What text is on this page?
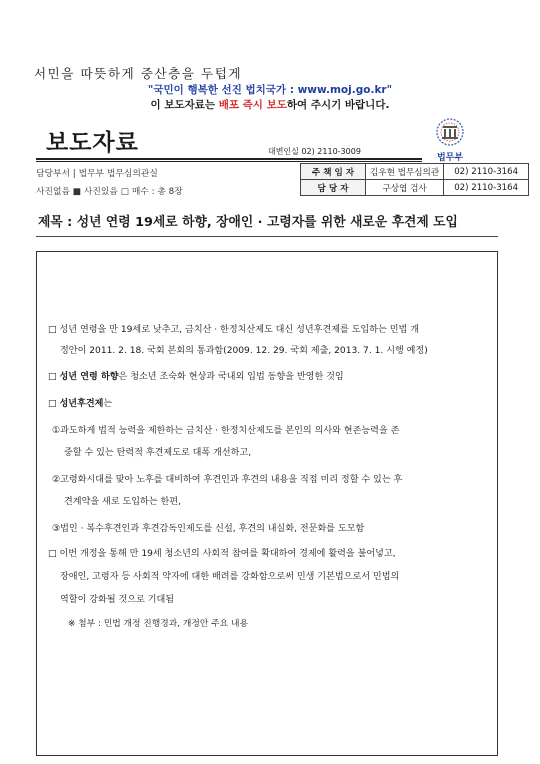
서민을 따뜻하게 중산층을 두텁게
"국민이 행복한 선진 법치국가 : www.moj.go.kr"
이 보도자료는 배포 즉시 보도하여 주시기 바랍니다.
보도자료	대변인실 02) 2110-3009
법무부
담당부서 | 법무부 법무심의관실
사진없음 ■ 사진있음 □ 매수 : 총 8장
주 책 임 자	김우현 법무심의관	02) 2110-3164
담 당 자	구상엽 검사	02) 2110-3164
제목 : 성년 연령 19세로 하향, 장애인 · 고령자를 위한 새로운 후견제 도입
□ 성년 연령을 만 19세로 낮추고, 금치산 · 한정치산제도 대신 성년후견제를 도입하는 민법 개
정안이 2011. 2. 18. 국회 본회의 통과함(2009. 12. 29. 국회 제출, 2013. 7. 1. 시행 예정)
□ 성년 연령 하향은 청소년 조숙화 현상과 국내외 입법 동향을 반영한 것임
□ 성년후견제는
①과도하게 법적 능력을 제한하는 금치산 · 한정치산제도를 본인의 의사와 현존능력을 존
중할 수 있는 탄력적 후견제도로 대폭 개선하고,
②고령화시대를 맞아 노후를 대비하여 후견인과 후견의 내용을 직접 미리 정할 수 있는 후
견계약을 새로 도입하는 한편,
③법인 · 복수후견인과 후견감독인제도를 신설, 후견의 내실화, 전문화를 도모함
□ 이번 개정을 통해 만 19세 청소년의 사회적 참여를 확대하여 경제에 활력을 불어넣고,
장애인, 고령자 등 사회적 약자에 대한 배려를 강화함으로써 민생 기본법으로서 민법의
역할이 강화될 것으로 기대됨
※ 첨부 : 민법 개정 진행경과, 개정안 주요 내용
